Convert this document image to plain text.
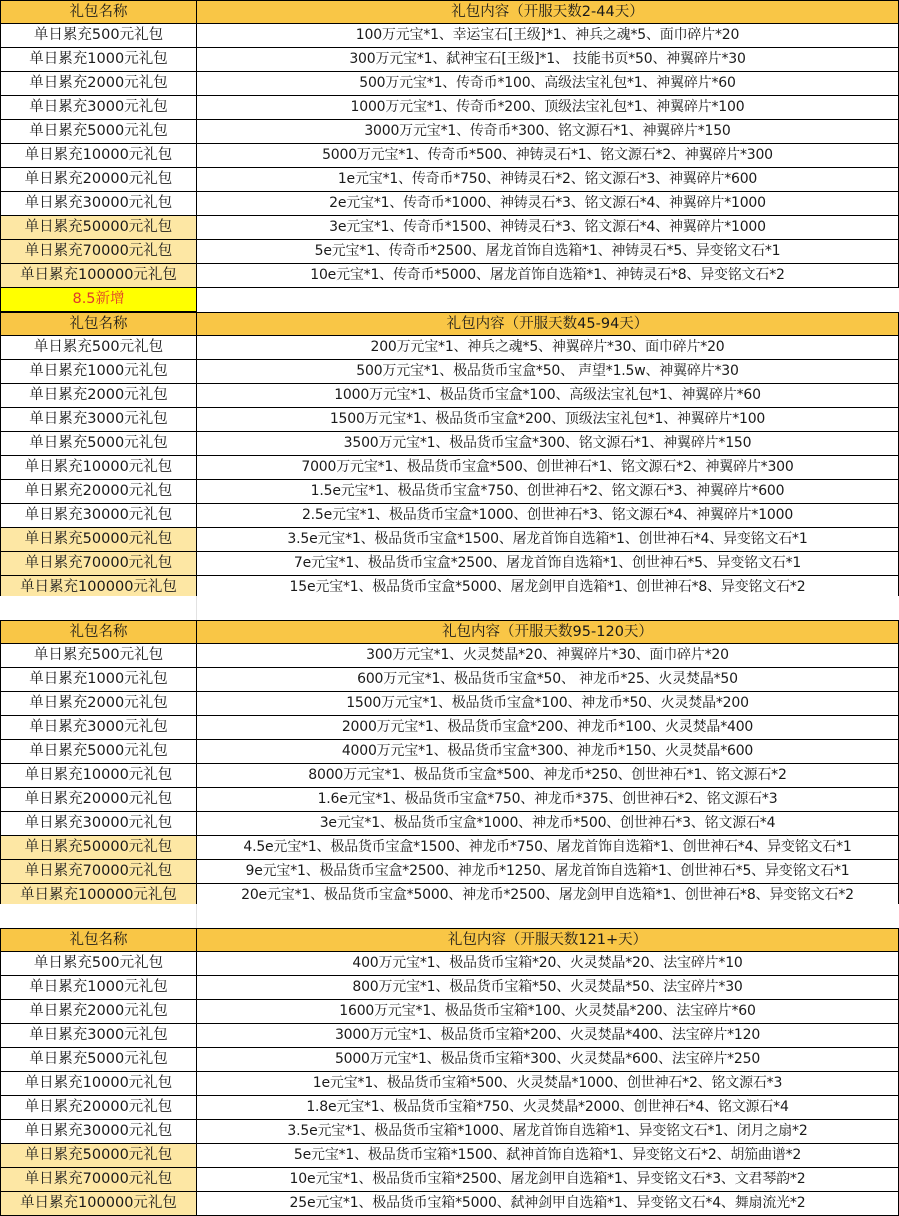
礼包名称	礼包内容（开服天数2-44天）
单日累充500元礼包	100万元宝*1、幸运宝石[王级]*1、神兵之魂*5、面巾碎片*20
单日累充1000元礼包	300万元宝*1、弑神宝石[王级]*1、 技能书页*50、神翼碎片*30
单日累充2000元礼包	500万元宝*1、传奇币*100、高级法宝礼包*1、神翼碎片*60
单日累充3000元礼包	1000万元宝*1、传奇币*200、顶级法宝礼包*1、神翼碎片*100
单日累充5000元礼包	3000万元宝*1、传奇币*300、铭文源石*1、神翼碎片*150
单日累充10000元礼包	5000万元宝*1、传奇币*500、神铸灵石*1、铭文源石*2、神翼碎片*300
单日累充20000元礼包	1e元宝*1、传奇币*750、神铸灵石*2、铭文源石*3、神翼碎片*600
单日累充30000元礼包	2e元宝*1、传奇币*1000、神铸灵石*3、铭文源石*4、神翼碎片*1000
单日累充50000元礼包	3e元宝*1、传奇币*1500、神铸灵石*3、铭文源石*4、神翼碎片*1000
单日累充70000元礼包	5e元宝*1、传奇币*2500、屠龙首饰自选箱*1、神铸灵石*5、异变铭文石*1
单日累充100000元礼包	10e元宝*1、传奇币*5000、屠龙首饰自选箱*1、神铸灵石*8、异变铭文石*2
礼包名称	礼包内容（开服天数45-94天）
单日累充500元礼包	200万元宝*1、神兵之魂*5、神翼碎片*30、面巾碎片*20
单日累充1000元礼包	500万元宝*1、极品货币宝盒*50、 声望*1.5w、神翼碎片*30
单日累充2000元礼包	1000万元宝*1、极品货币宝盒*100、高级法宝礼包*1、神翼碎片*60
单日累充3000元礼包	1500万元宝*1、极品货币宝盒*200、顶级法宝礼包*1、神翼碎片*100
单日累充5000元礼包	3500万元宝*1、极品货币宝盒*300、铭文源石*1、神翼碎片*150
单日累充10000元礼包	7000万元宝*1、极品货币宝盒*500、创世神石*1、铭文源石*2、神翼碎片*300
单日累充20000元礼包	1.5e元宝*1、极品货币宝盒*750、创世神石*2、铭文源石*3、神翼碎片*600
单日累充30000元礼包	2.5e元宝*1、极品货币宝盒*1000、创世神石*3、铭文源石*4、神翼碎片*1000
单日累充50000元礼包	3.5e元宝*1、极品货币宝盒*1500、屠龙首饰自选箱*1、创世神石*4、异变铭文石*1
单日累充70000元礼包	7e元宝*1、极品货币宝盒*2500、屠龙首饰自选箱*1、创世神石*5、异变铭文石*1
单日累充100000元礼包	15e元宝*1、极品货币宝盒*5000、屠龙剑甲自选箱*1、创世神石*8、异变铭文石*2
礼包名称	礼包内容（开服天数95-120天）
单日累充500元礼包	300万元宝*1、火灵焚晶*20、神翼碎片*30、面巾碎片*20
单日累充1000元礼包	600万元宝*1、极品货币宝盒*50、 神龙币*25、火灵焚晶*50
单日累充2000元礼包	1500万元宝*1、极品货币宝盒*100、神龙币*50、火灵焚晶*200
单日累充3000元礼包	2000万元宝*1、极品货币宝盒*200、神龙币*100、火灵焚晶*400
单日累充5000元礼包	4000万元宝*1、极品货币宝盒*300、神龙币*150、火灵焚晶*600
单日累充10000元礼包	8000万元宝*1、极品货币宝盒*500、神龙币*250、创世神石*1、铭文源石*2
单日累充20000元礼包	1.6e元宝*1、极品货币宝盒*750、神龙币*375、创世神石*2、铭文源石*3
单日累充30000元礼包	3e元宝*1、极品货币宝盒*1000、神龙币*500、创世神石*3、铭文源石*4
单日累充50000元礼包	4.5e元宝*1、极品货币宝盒*1500、神龙币*750、屠龙首饰自选箱*1、创世神石*4、异变铭文石*1
单日累充70000元礼包	9e元宝*1、极品货币宝盒*2500、神龙币*1250、屠龙首饰自选箱*1、创世神石*5、异变铭文石*1
单日累充100000元礼包	20e元宝*1、极品货币宝盒*5000、神龙币*2500、屠龙剑甲自选箱*1、创世神石*8、异变铭文石*2
礼包名称	礼包内容（开服天数121+天）
单日累充500元礼包	400万元宝*1、极品货币宝箱*20、火灵焚晶*20、法宝碎片*10
单日累充1000元礼包	800万元宝*1、极品货币宝箱*50、火灵焚晶*50、法宝碎片*30
单日累充2000元礼包	1600万元宝*1、极品货币宝箱*100、火灵焚晶*200、法宝碎片*60
单日累充3000元礼包	3000万元宝*1、极品货币宝箱*200、火灵焚晶*400、法宝碎片*120
单日累充5000元礼包	5000万元宝*1、极品货币宝箱*300、火灵焚晶*600、法宝碎片*250
单日累充10000元礼包	1e元宝*1、极品货币宝箱*500、火灵焚晶*1000、创世神石*2、铭文源石*3
单日累充20000元礼包	1.8e元宝*1、极品货币宝箱*750、火灵焚晶*2000、创世神石*4、铭文源石*4
单日累充30000元礼包	3.5e元宝*1、极品货币宝箱*1000、屠龙首饰自选箱*1、异变铭文石*1、闭月之扇*2
单日累充50000元礼包	5e元宝*1、极品货币宝箱*1500、弑神首饰自选箱*1、异变铭文石*2、胡笳曲谱*2
单日累充70000元礼包	10e元宝*1、极品货币宝箱*2500、屠龙剑甲自选箱*1、异变铭文石*3、文君琴韵*2
单日累充100000元礼包	25e元宝*1、极品货币宝箱*5000、弑神剑甲自选箱*1、异变铭文石*4、舞扇流光*2
8.5新增
